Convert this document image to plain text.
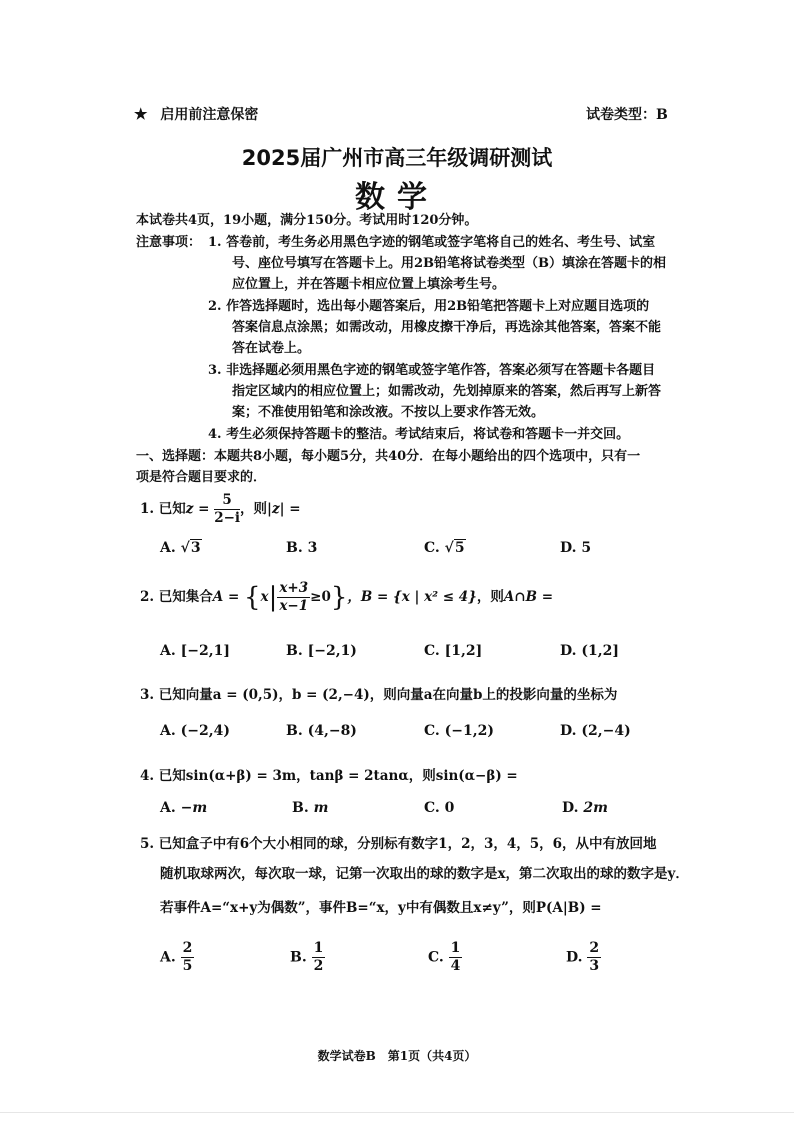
★ 启用前注意保密	试卷类型：B
2025届广州市高三年级调研测试
数学
本试卷共4页，19小题，满分150分。考试用时120分钟。
注意事项： 1. 答卷前，考生务必用黑色字迹的钢笔或签字笔将自己的姓名、考生号、试室
号、座位号填写在答题卡上。用2B铅笔将试卷类型（B）填涂在答题卡的相
应位置上，并在答题卡相应位置上填涂考生号。
2. 作答选择题时，选出每小题答案后，用2B铅笔把答题卡上对应题目选项的
答案信息点涂黑；如需改动，用橡皮擦干净后，再选涂其他答案，答案不能
答在试卷上。
3. 非选择题必须用黑色字迹的钢笔或签字笔作答，答案必须写在答题卡各题目
指定区域内的相应位置上；如需改动，先划掉原来的答案，然后再写上新答
案；不准使用铅笔和涂改液。不按以上要求作答无效。
4. 考生必须保持答题卡的整洁。考试结束后，将试卷和答题卡一并交回。
一、选择题：本题共8小题，每小题5分，共40分．在每小题给出的四个选项中，只有一
项是符合题目要求的．
1. 已知$z = \frac{5}{2-i}$ ，则|z| =
A. √3	B. 3	C. √5	D. 5
2. 已知集合$A = \{x| \frac{x+3}{x-1} \ge 0\}$，B = {x | x² ≤ 4}，则A∩B =
A. [−2,1]	B. [−2,1)	C. [1,2]	D. (1,2]
3. 已知向量a = (0,5)，b = (2,−4)，则向量a在向量b上的投影向量的坐标为
A. (−2,4)	B. (4,−8)	C. (−1,2)	D. (2,−4)
4. 已知sin(α+β) = 3m，tanβ = 2tanα，则sin(α−β) =
A. −m	B. m	C. 0	D. 2m
5. 已知盒子中有6个大小相同的球，分别标有数字1，2，3，4，5，6，从中有放回地
随机取球两次，每次取一球，记第一次取出的球的数字是x，第二次取出的球的数字是y．
若事件A=“x+y为偶数”，事件B=“x，y中有偶数且x≠y”，则P(A|B) =
A. $\frac{2}{5}$	B. $\frac{1}{2}$	C. $\frac{1}{4}$	D. $\frac{2}{3}$
数学试卷B　第1页（共4页）
